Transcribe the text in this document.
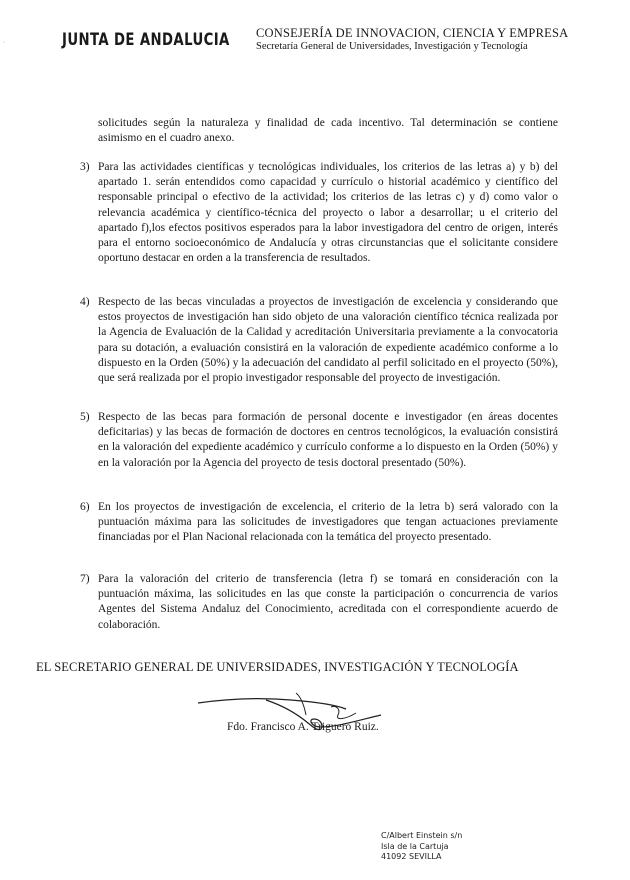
·	JUNTA DE ANDALUCIA CONSEJERÍA DE INNOVACION, CIENCIA Y EMPRESA
Secretaría General de Universidades, Investigación y Tecnología
solicitudes según la naturaleza y finalidad de cada incentivo. Tal determinación se contiene asimismo en el cuadro anexo.
3) Para las actividades científicas y tecnológicas individuales, los criterios de las letras a) y b) del apartado 1. serán entendidos como capacidad y currículo o historial académico y científico del responsable principal o efectivo de la actividad; los criterios de las letras c) y d) como valor o relevancia académica y científico-técnica del proyecto o labor a desarrollar; u el criterio del apartado f),los efectos positivos esperados para la labor investigadora del centro de origen, interés para el entorno socioeconómico de Andalucía y otras circunstancias que el solicitante considere oportuno destacar en orden a la transferencia de resultados.
4) Respecto de las becas vinculadas a proyectos de investigación de excelencia y considerando que estos proyectos de investigación han sido objeto de una valoración científico técnica realizada por la Agencia de Evaluación de la Calidad y acreditación Universitaria previamente a la convocatoria para su dotación, a evaluación consistirá en la valoración de expediente académico conforme a lo dispuesto en la Orden (50%) y la adecuación del candidato al perfil solicitado en el proyecto (50%), que será realizada por el propio investigador responsable del proyecto de investigación.
5) Respecto de las becas para formación de personal docente e investigador (en áreas docentes deficitarias) y las becas de formación de doctores en centros tecnológicos, la evaluación consistirá en la valoración del expediente académico y currículo conforme a lo dispuesto en la Orden (50%) y en la valoración por la Agencia del proyecto de tesis doctoral presentado (50%).
6) En los proyectos de investigación de excelencia, el criterio de la letra b) será valorado con la puntuación máxima para las solicitudes de investigadores que tengan actuaciones previamente financiadas por el Plan Nacional relacionada con la temática del proyecto presentado.
7) Para la valoración del criterio de transferencia (letra f) se tomará en consideración con la puntuación máxima, las solicitudes en las que conste la participación o concurrencia de varios Agentes del Sistema Andaluz del Conocimiento, acreditada con el correspondiente acuerdo de colaboración.
EL SECRETARIO GENERAL DE UNIVERSIDADES, INVESTIGACIÓN Y TECNOLOGÍA
Fdo. Francisco A. Triguero Ruiz.
C/Albert Einstein s/n
Isla de la Cartuja
41092 SEVILLA
